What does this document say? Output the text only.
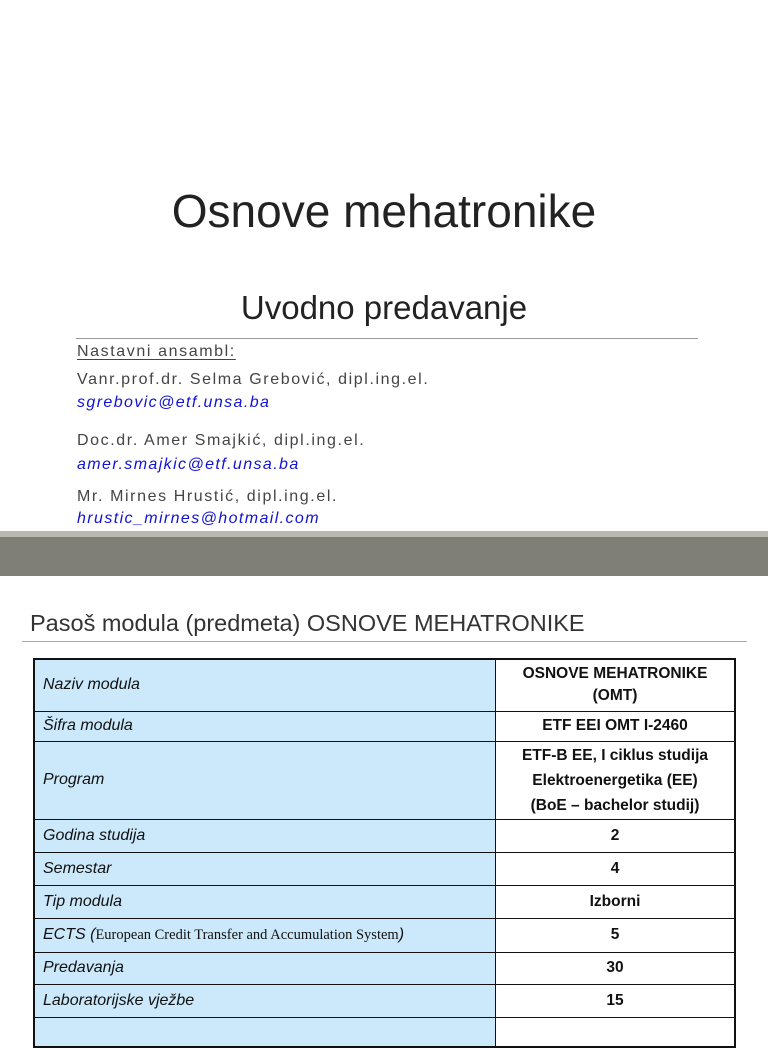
Osnove mehatronike
Uvodno predavanje
Nastavni ansambl:
Vanr.prof.dr. Selma Grebović, dipl.ing.el.
sgrebovic@etf.unsa.ba
Doc.dr. Amer Smajkić, dipl.ing.el.
amer.smajkic@etf.unsa.ba
Mr. Mirnes Hrustić, dipl.ing.el.
hrustic_mirnes@hotmail.com
Pasoš modula (predmeta) OSNOVE MEHATRONIKE
Naziv modula	OSNOVE MEHATRONIKE
(OMT)

Šifra modula	ETF EEI OMT I-2460
Program	ETF-B EE, I ciklus studija
Elektroenergetika (EE)
(BoE – bachelor studij)

Godina studija	2
Semestar	4
Tip modula	Izborni
ECTS (European Credit Transfer and Accumulation System)	5
Predavanja	30
Laboratorijske vježbe	15
